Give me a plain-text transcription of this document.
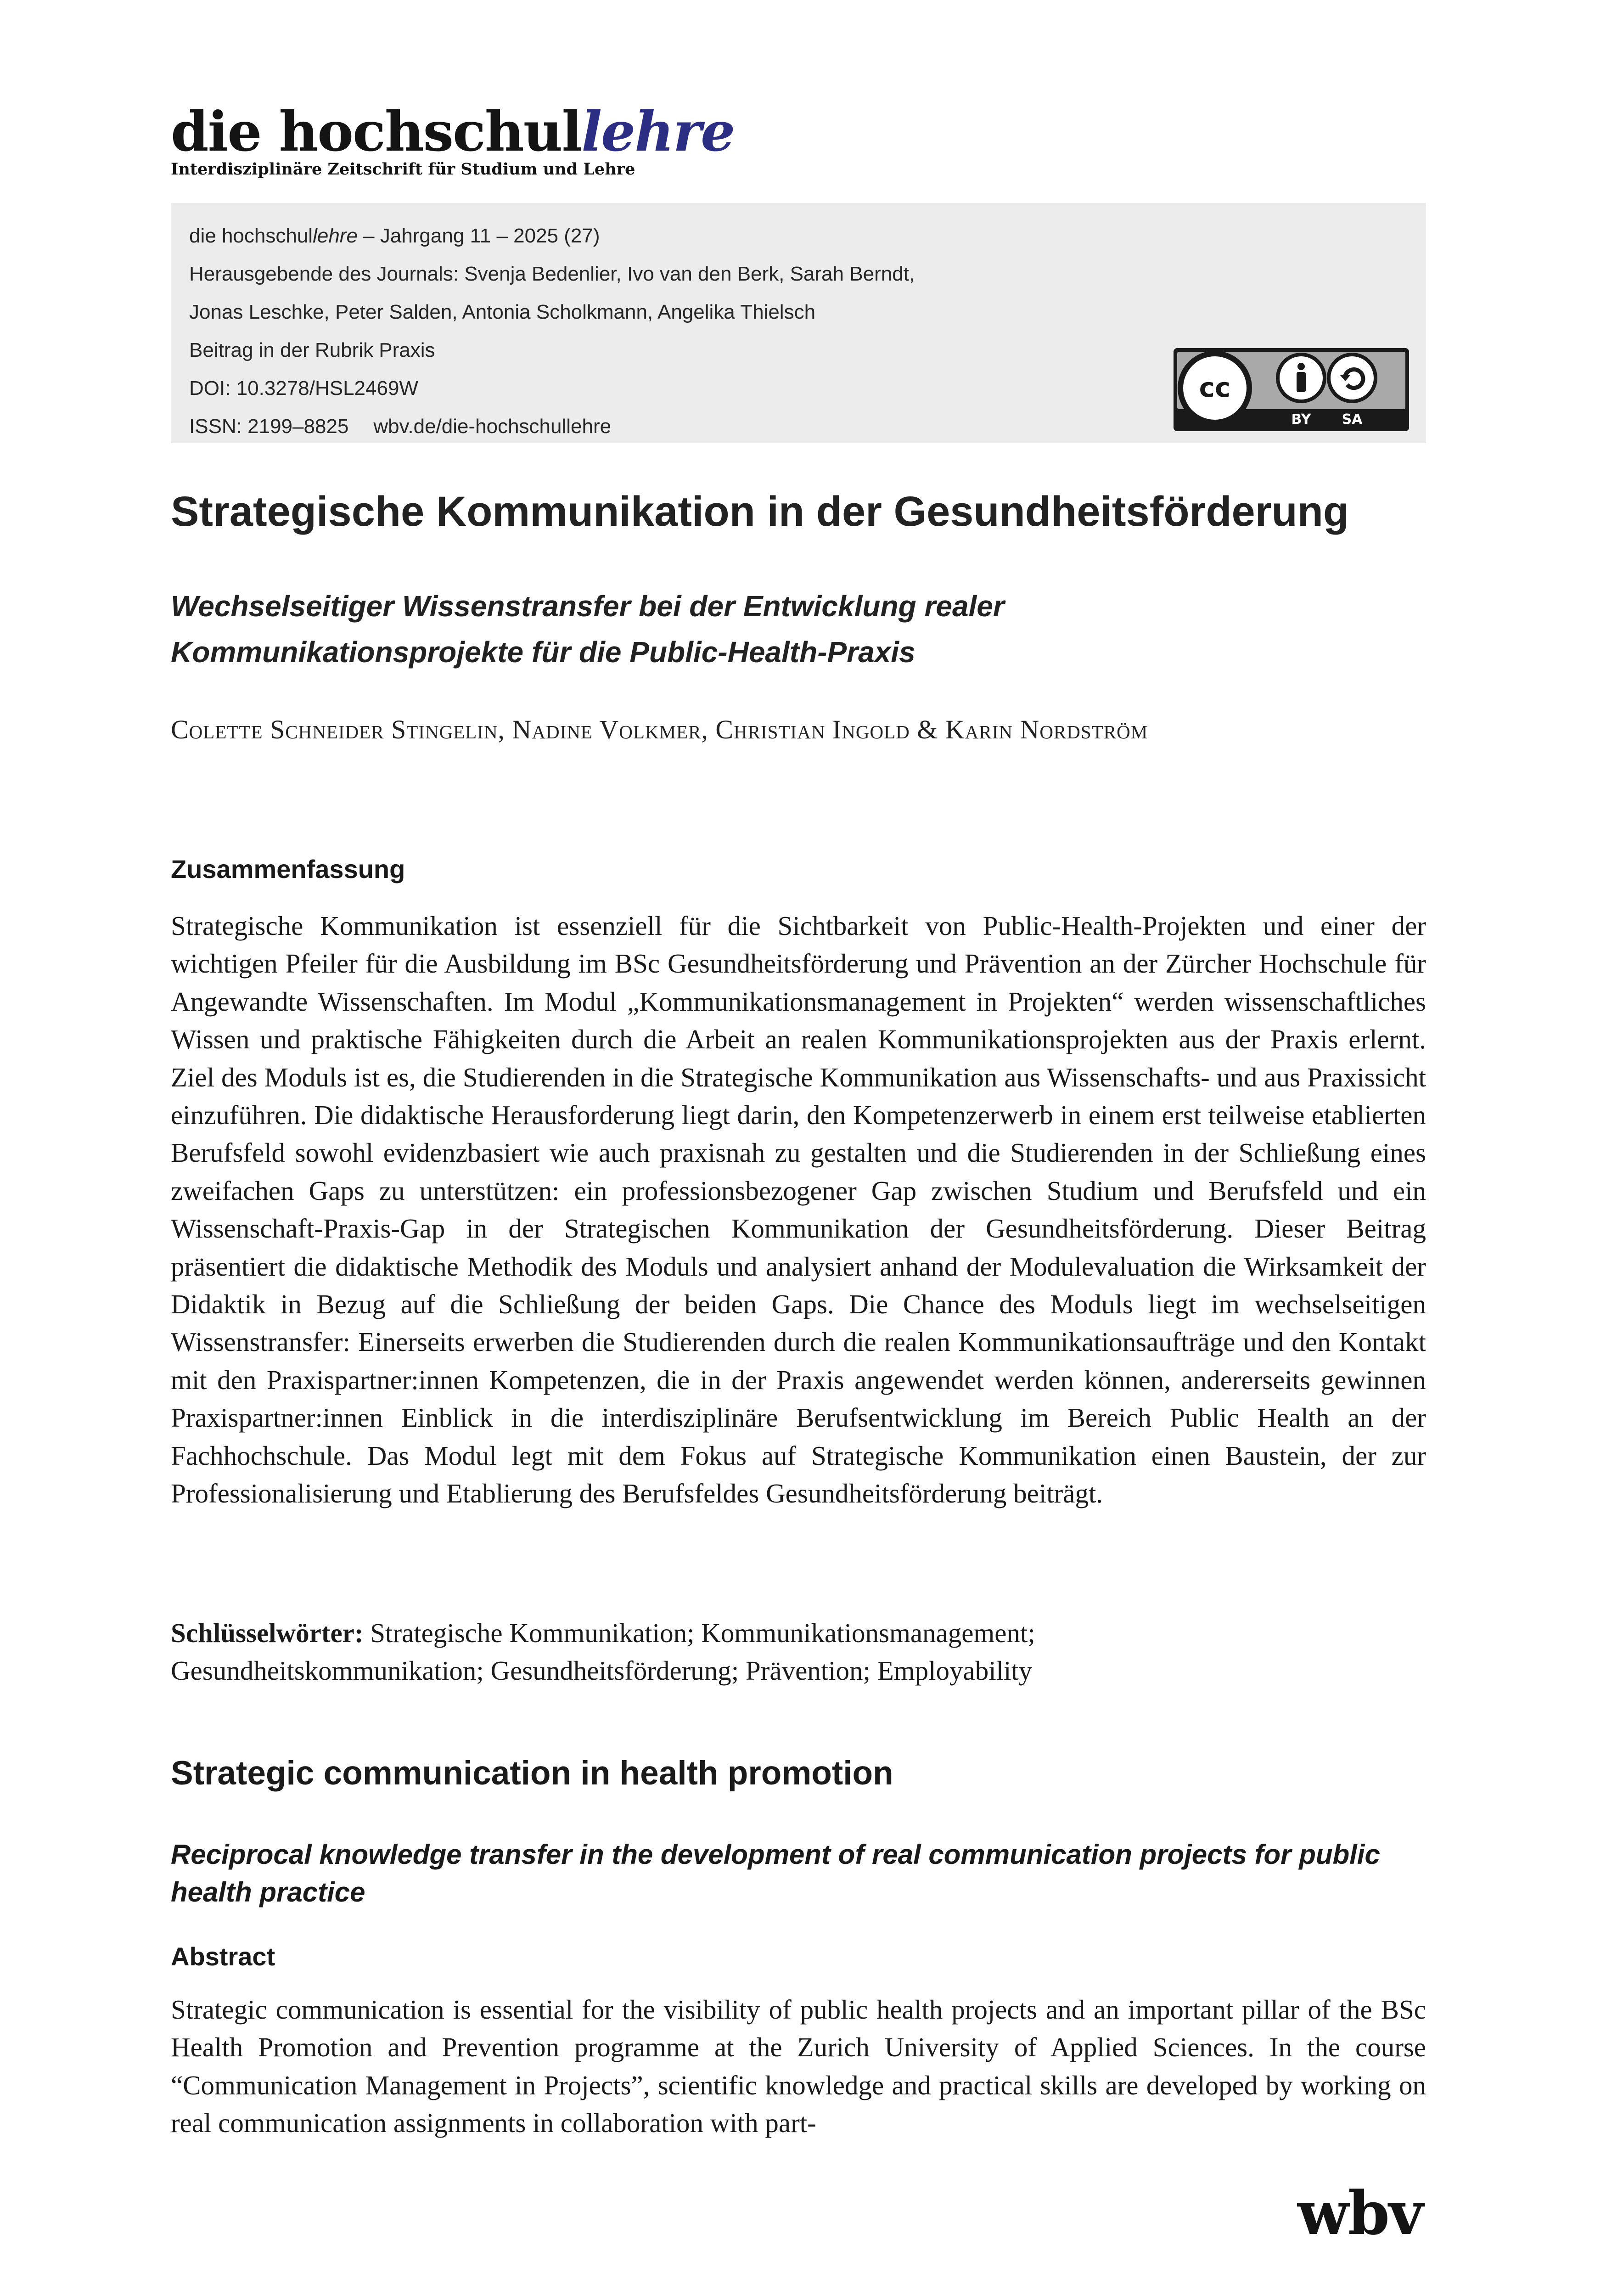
die hochschullehre
Interdisziplinäre Zeitschrift für Studium und Lehre
die hochschullehre – Jahrgang 11 – 2025 (27)
Herausgebende des Journals: Svenja Bedenlier, Ivo van den Berk, Sarah Berndt,
Jonas Leschke, Peter Salden, Antonia Scholkmann, Angelika Thielsch
Beitrag in der Rubrik Praxis
DOI: 10.3278/HSL2469W
ISSN: 2199–8825 wbv.de/die-hochschullehre
cc
BY SA
Strategische Kommunikation in der Gesundheitsförderung
Wechselseitiger Wissenstransfer bei der Entwicklung realer
Kommunikationsprojekte für die Public-Health-Praxis
Colette Schneider Stingelin, Nadine Volkmer, Christian Ingold & Karin Nordström
Zusammenfassung
Strategische Kommunikation ist essenziell für die Sichtbarkeit von Public-Health-Projekten und einer der wichtigen Pfeiler für die Ausbildung im BSc Gesundheitsförderung und Prävention an der Zürcher Hochschule für Angewandte Wissenschaften. Im Modul „Kommunikationsmanagement in Projekten“ werden wissenschaftliches Wissen und praktische Fähigkeiten durch die Arbeit an realen Kommunikationsprojekten aus der Praxis erlernt. Ziel des Moduls ist es, die Studierenden in die Strategische Kommunikation aus Wissenschafts- und aus Praxissicht einzuführen. Die didaktische Herausforderung liegt darin, den Kompetenzerwerb in einem erst teilweise etablierten Berufsfeld sowohl evidenzbasiert wie auch praxisnah zu gestalten und die Studierenden in der Schließung eines zweifachen Gaps zu unterstützen: ein professionsbezogener Gap zwischen Studium und Berufsfeld und ein Wissenschaft-Praxis-Gap in der Strategischen Kommunikation der Gesundheitsförderung. Dieser Beitrag präsentiert die didaktische Methodik des Moduls und analysiert anhand der Modulevaluation die Wirksamkeit der Didaktik in Bezug auf die Schließung der beiden Gaps. Die Chance des Moduls liegt im wechselseitigen Wissenstransfer: Einerseits erwerben die Studierenden durch die realen Kommunikationsaufträge und den Kontakt mit den Praxispartner:innen Kompetenzen, die in der Praxis angewendet werden können, andererseits gewinnen Praxispartner:innen Einblick in die interdisziplinäre Berufsentwicklung im Bereich Public Health an der Fachhochschule. Das Modul legt mit dem Fokus auf Strategische Kommunikation einen Baustein, der zur Professionalisierung und Etablierung des Berufsfeldes Gesundheitsförderung beiträgt.
Schlüsselwörter: Strategische Kommunikation; Kommunikationsmanagement;
Gesundheitskommunikation; Gesundheitsförderung; Prävention; Employability
Strategic communication in health promotion
Reciprocal knowledge transfer in the development of real communication projects for public health practice
Abstract
Strategic communication is essential for the visibility of public health projects and an important pillar of the BSc Health Promotion and Prevention programme at the Zurich University of Applied Sciences. In the course “Communication Management in Projects”, scientific knowledge and practical skills are developed by working on real communication assignments in collaboration with part-
wbv
